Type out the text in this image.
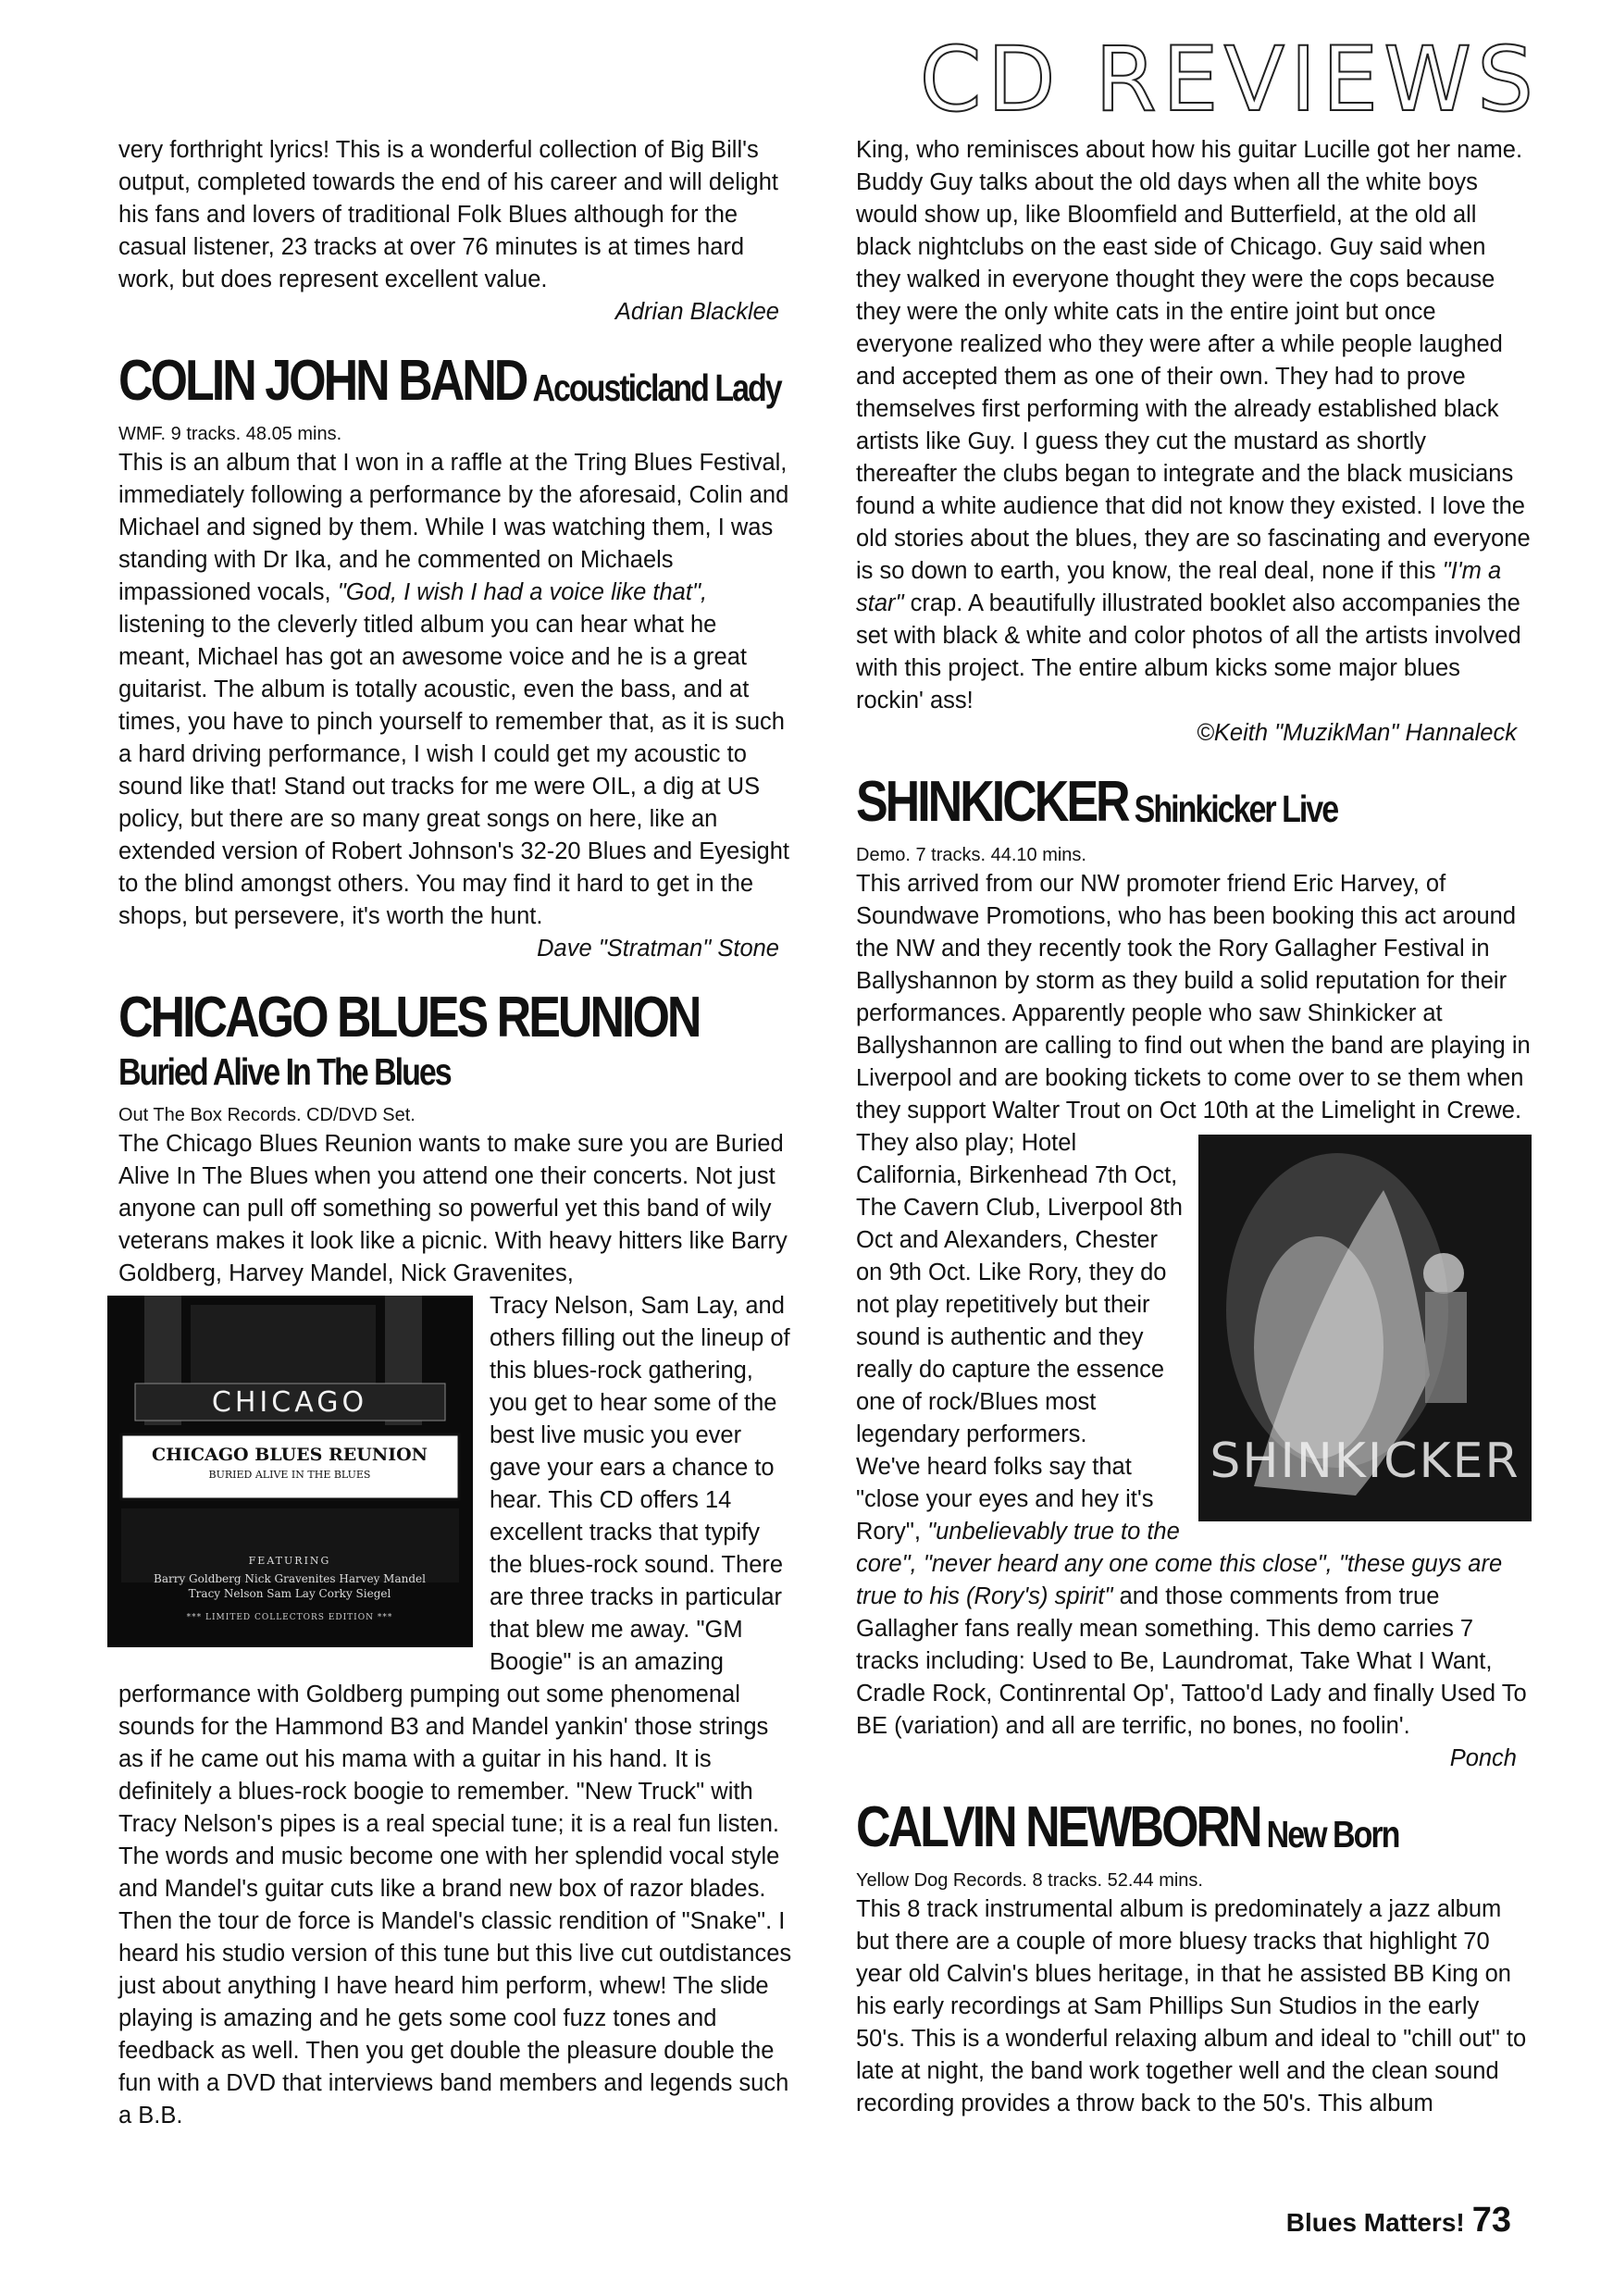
CD REVIEWS

very forthright lyrics! This is a wonderful collection of Big Bill's output, completed towards the end of his career and will delight his fans and lovers of traditional Folk Blues although for the casual listener, 23 tracks at over 76 minutes is at times hard work, but does represent excellent value.

Adrian Blacklee

COLIN JOHN BAND Acousticland Lady
WMF. 9 tracks. 48.05 mins.

This is an album that I won in a raffle at the Tring Blues Festival, immediately following a performance by the aforesaid, Colin and Michael and signed by them. While I was watching them, I was standing with Dr Ika, and he commented on Michaels impassioned vocals, "God, I wish I had a voice like that", listening to the cleverly titled album you can hear what he meant, Michael has got an awesome voice and he is a great guitarist. The album is totally acoustic, even the bass, and at times, you have to pinch yourself to remember that, as it is such a hard driving performance, I wish I could get my acoustic to sound like that! Stand out tracks for me were OIL, a dig at US policy, but there are so many great songs on here, like an extended version of Robert Johnson's 32-20 Blues and Eyesight to the blind amongst others. You may find it hard to get in the shops, but persevere, it's worth the hunt.

Dave "Stratman" Stone

CHICAGO BLUES REUNION
Buried Alive In The Blues
Out The Box Records. CD/DVD Set.

The Chicago Blues Reunion wants to make sure you are Buried Alive In The Blues when you attend one their concerts. Not just anyone can pull off something so powerful yet this band of wily veterans makes it look like a picnic. With heavy hitters like Barry Goldberg, Harvey Mandel, Nick Gravenites,

CHICAGO
CHICAGO BLUES REUNION
BURIED ALIVE IN THE BLUES
FEATURING
Barry Goldberg Nick Gravenites Harvey Mandel
Tracy Nelson Sam Lay Corky Siegel
*** LIMITED COLLECTORS EDITION ***

Tracy Nelson, Sam Lay, and others filling out the lineup of this blues-rock gathering, you get to hear some of the best live music you ever gave your ears a chance to hear. This CD offers 14 excellent tracks that typify the blues-rock sound. There are three tracks in particular that blew me away. "GM Boogie" is an amazing performance with Goldberg pumping out some phenomenal sounds for the Hammond B3 and Mandel yankin' those strings as if he came out his mama with a guitar in his hand. It is definitely a blues-rock boogie to remember. "New Truck" with Tracy Nelson's pipes is a real special tune; it is a real fun listen. The words and music become one with her splendid vocal style and Mandel's guitar cuts like a brand new box of razor blades. Then the tour de force is Mandel's classic rendition of "Snake". I heard his studio version of this tune but this live cut outdistances just about anything I have heard him perform, whew! The slide playing is amazing and he gets some cool fuzz tones and feedback as well. Then you get double the pleasure double the fun with a DVD that interviews band members and legends such a B.B.

King, who reminisces about how his guitar Lucille got her name. Buddy Guy talks about the old days when all the white boys would show up, like Bloomfield and Butterfield, at the old all black nightclubs on the east side of Chicago. Guy said when they walked in everyone thought they were the cops because they were the only white cats in the entire joint but once everyone realized who they were after a while people laughed and accepted them as one of their own. They had to prove themselves first performing with the already established black artists like Guy. I guess they cut the mustard as shortly thereafter the clubs began to integrate and the black musicians found a white audience that did not know they existed. I love the old stories about the blues, they are so fascinating and everyone is so down to earth, you know, the real deal, none if this "I'm a star" crap. A beautifully illustrated booklet also accompanies the set with black & white and color photos of all the artists involved with this project. The entire album kicks some major blues rockin' ass!

©Keith "MuzikMan" Hannaleck

SHINKICKER Shinkicker Live
Demo. 7 tracks. 44.10 mins.

This arrived from our NW promoter friend Eric Harvey, of Soundwave Promotions, who has been booking this act around the NW and they recently took the Rory Gallagher Festival in Ballyshannon by storm as they build a solid reputation for their performances. Apparently people who saw Shinkicker at Ballyshannon are calling to find out when the band are playing in Liverpool and are booking tickets to come over to se them when they support Walter Trout on Oct 10th at the Limelight in Crewe.

SHINKICKER

They also play; Hotel California, Birkenhead 7th Oct, The Cavern Club, Liverpool 8th Oct and Alexanders, Chester on 9th Oct. Like Rory, they do not play repetitively but their sound is authentic and they really do capture the essence one of rock/Blues most legendary performers.

We've heard folks say that "close your eyes and hey it's Rory", "unbelievably true to the core", "never heard any one come this close", "these guys are true to his (Rory's) spirit" and those comments from true Gallagher fans really mean something. This demo carries 7 tracks including: Used to Be, Laundromat, Take What I Want, Cradle Rock, Continrental Op', Tattoo'd Lady and finally Used To BE (variation) and all are terrific, no bones, no foolin'.

Ponch

CALVIN NEWBORN New Born
Yellow Dog Records. 8 tracks. 52.44 mins.

This 8 track instrumental album is predominately a jazz album but there are a couple of more bluesy tracks that highlight 70 year old Calvin's blues heritage, in that he assisted BB King on his early recordings at Sam Phillips Sun Studios in the early 50's. This is a wonderful relaxing album and ideal to "chill out" to late at night, the band work together well and the clean sound recording provides a throw back to the 50's. This album

Blues Matters! 73
